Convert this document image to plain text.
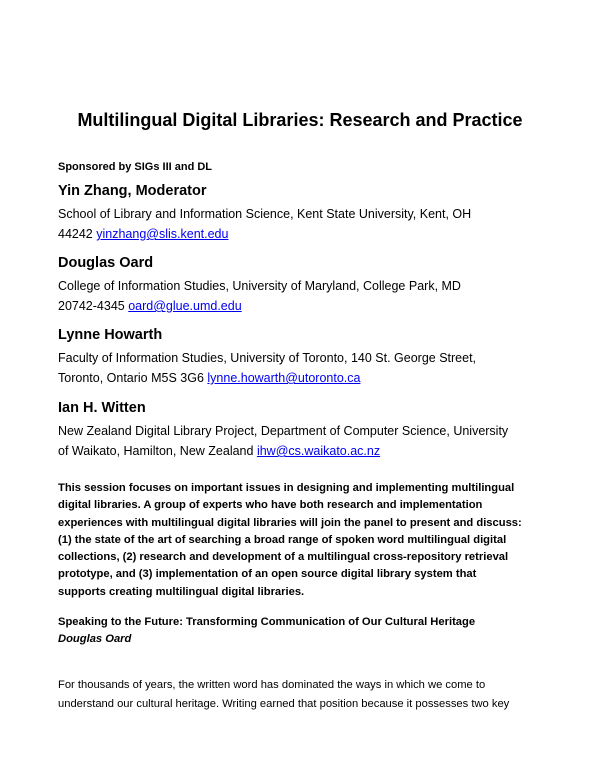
Multilingual Digital Libraries: Research and Practice
Sponsored by SIGs III and DL
Yin Zhang, Moderator
School of Library and Information Science, Kent State University, Kent, OH
44242 yinzhang@slis.kent.edu
Douglas Oard
College of Information Studies, University of Maryland, College Park, MD
20742-4345 oard@glue.umd.edu
Lynne Howarth
Faculty of Information Studies, University of Toronto, 140 St. George Street,
Toronto, Ontario M5S 3G6 lynne.howarth@utoronto.ca
Ian H. Witten
New Zealand Digital Library Project, Department of Computer Science, University
of Waikato, Hamilton, New Zealand ihw@cs.waikato.ac.nz
This session focuses on important issues in designing and implementing multilingual
digital libraries. A group of experts who have both research and implementation
experiences with multilingual digital libraries will join the panel to present and discuss:
(1) the state of the art of searching a broad range of spoken word multilingual digital
collections, (2) research and development of a multilingual cross-repository retrieval
prototype, and (3) implementation of an open source digital library system that
supports creating multilingual digital libraries.
Speaking to the Future: Transforming Communication of Our Cultural Heritage
Douglas Oard
For thousands of years, the written word has dominated the ways in which we come to
understand our cultural heritage. Writing earned that position because it possesses two key
